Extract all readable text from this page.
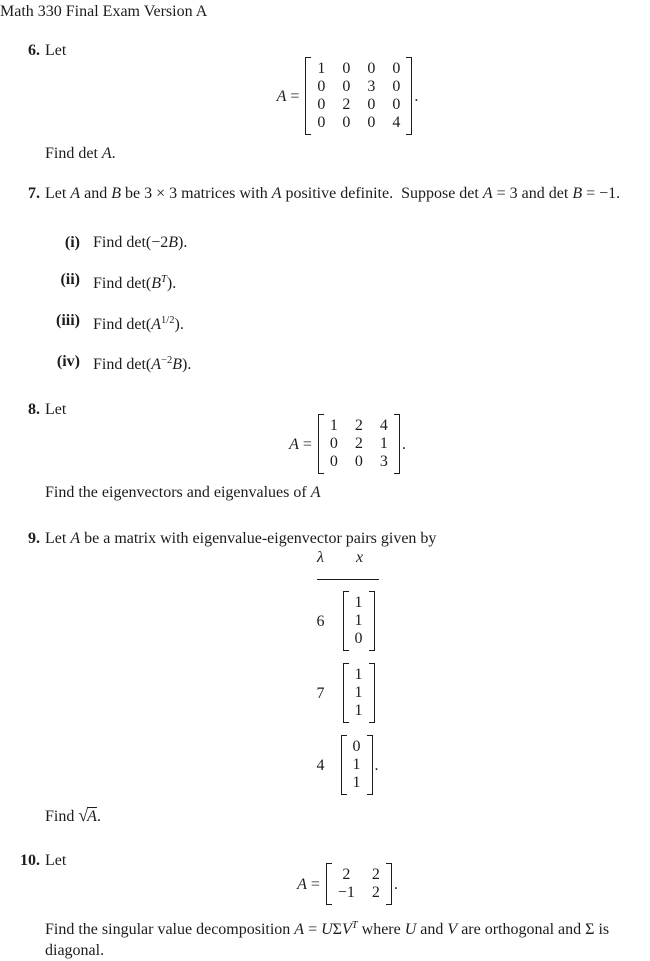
Math 330 Final Exam Version A
6. Let
A =
1 0 0 0
0 0 3 0
0 2 0 0
0 0 0 4
.
Find det A.
7. Let A and B be 3 × 3 matrices with A positive definite.  Suppose det A = 3 and det B = −1.
(i) Find det(−2B).
(ii) Find $\det(B^T)$.
(iii) Find $\det(A^{1/2})$.
(iv) Find $\det(A^{-2}B)$.
8. Let
A =
1 2 4
0 2 1
0 0 3
.
Find the eigenvectors and eigenvalues of A
9. Let A be a matrix with eigenvalue-eigenvector pairs given by
λ x
6
1
1
0
7
1
1
1
4
0
1
1
.
Find √A.
10. Let
A =
2 2
−1 2 .
Find the singular value decomposition $A = U\Sigma V^T$ where U and V are orthogonal and Σ is diagonal.
